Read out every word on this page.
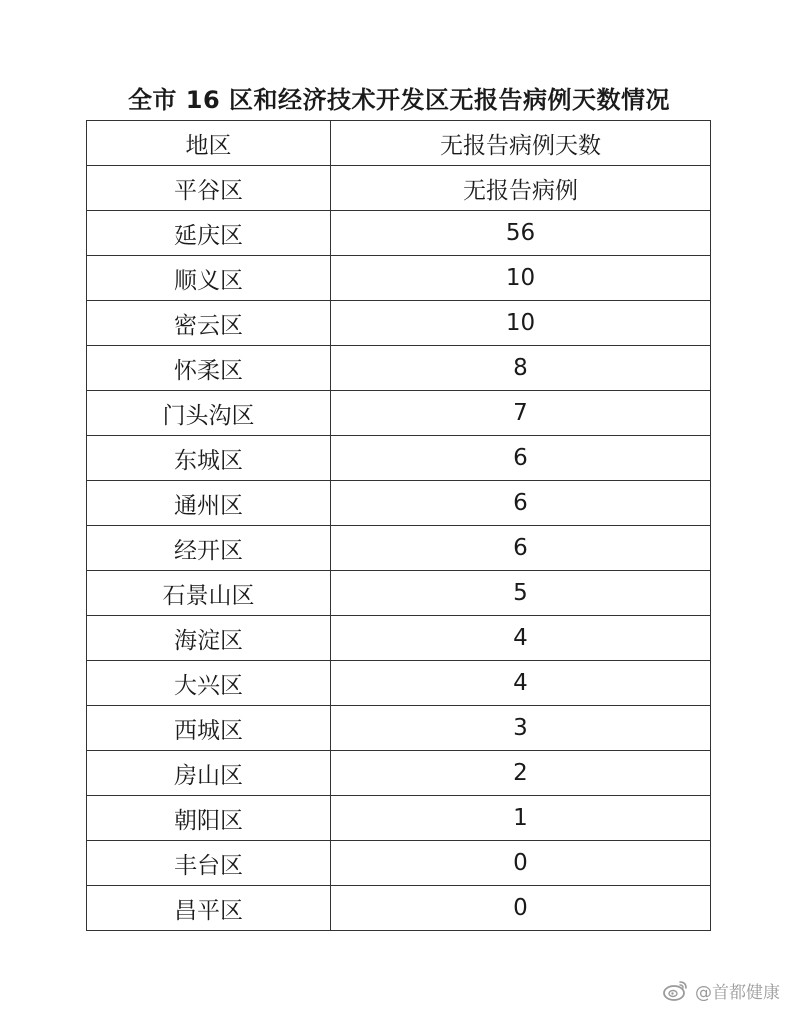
全市 16 区和经济技术开发区无报告病例天数情况
地区	无报告病例天数
平谷区	无报告病例
延庆区	56
顺义区	10
密云区	10
怀柔区	8
门头沟区	7
东城区	6
通州区	6
经开区	6
石景山区	5
海淀区	4
大兴区	4
西城区	3
房山区	2
朝阳区	1
丰台区	0
昌平区	0
@首都健康
